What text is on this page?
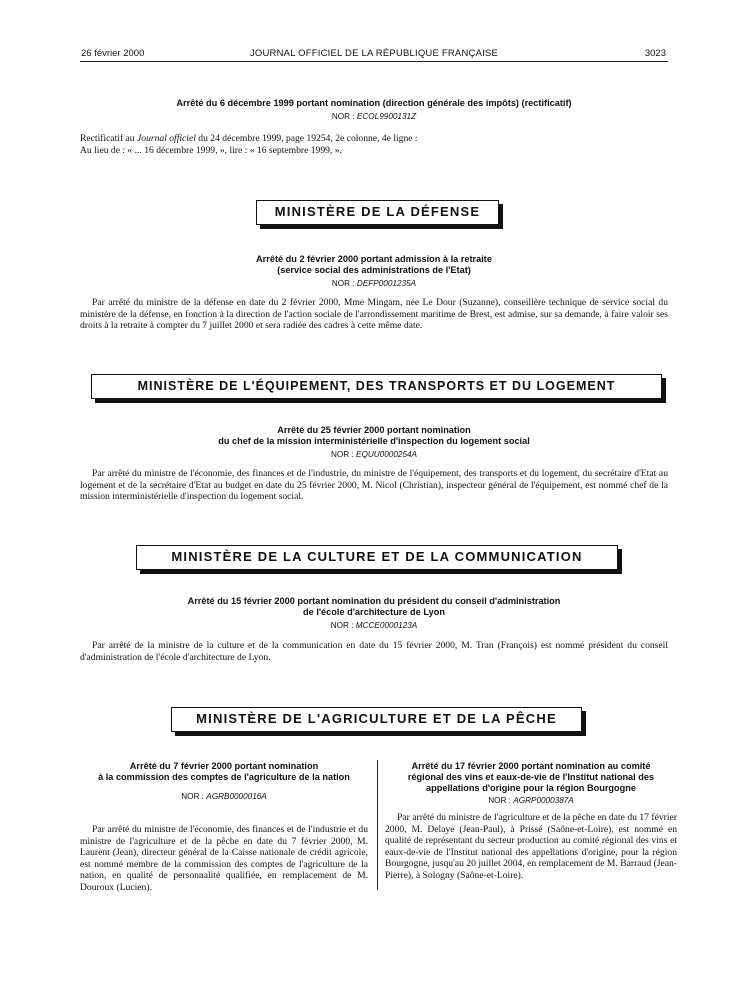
26 février 2000	JOURNAL OFFICIEL DE LA RÉPUBLIQUE FRANÇAISE	3023
Arrêté du 6 décembre 1999 portant nomination (direction générale des impôts) (rectificatif)
NOR : ECOL9900131Z
Rectificatif au Journal officiel du 24 décembre 1999, page 19254, 2e colonne, 4e ligne :
Au lieu de : « ... 16 décembre 1999, », lire : « 16 septembre 1999, ».
MINISTÈRE DE LA DÉFENSE
Arrêté du 2 février 2000 portant admission à la retraite
(service social des administrations de l'Etat)
NOR : DEFP0001235A

Par arrêté du ministre de la défense en date du 2 février 2000, Mme Mingam, née Le Dour (Suzanne), conseillère technique de service social du ministère de la défense, en fonction à la direction de l'action sociale de l'arrondissement maritime de Brest, est admise, sur sa demande, à faire valoir ses droits à la retraite à compter du 7 juillet 2000 et sera radiée des cadres à cette même date.

MINISTÈRE DE L'ÉQUIPEMENT, DES TRANSPORTS ET DU LOGEMENT
Arrêté du 25 février 2000 portant nomination
du chef de la mission interministérielle d'inspection du logement social
NOR : EQUU0000254A

Par arrêté du ministre de l'économie, des finances et de l'industrie, du ministre de l'équipement, des transports et du logement, du secrétaire d'Etat au logement et de la secrétaire d'Etat au budget en date du 25 février 2000, M. Nicol (Christian), inspecteur général de l'équipement, est nommé chef de la mission interministérielle d'inspection du logement social.

MINISTÈRE DE LA CULTURE ET DE LA COMMUNICATION
Arrêté du 15 février 2000 portant nomination du président du conseil d'administration
de l'école d'architecture de Lyon
NOR : MCCE0000123A

Par arrêté de la ministre de la culture et de la communication en date du 15 février 2000, M. Tran (François) est nommé président du conseil d'administration de l'école d'architecture de Lyon.

MINISTÈRE DE L'AGRICULTURE ET DE LA PÊCHE
Arrêté du 7 février 2000 portant nomination
à la commission des comptes de l'agriculture de la nation
NOR : AGRB0000016A

Par arrêté du ministre de l'économie, des finances et de l'industrie et du ministre de l'agriculture et de la pêche en date du 7 février 2000, M. Laurent (Jean), directeur général de la Caisse nationale de crédit agricole, est nommé membre de la commission des comptes de l'agriculture de la nation, en qualité de personnalité qualifiée, en remplacement de M. Douroux (Lucien).

Arrêté du 17 février 2000 portant nomination au comité
régional des vins et eaux-de-vie de l'Institut national des
appellations d'origine pour la région Bourgogne
NOR : AGRP0000387A

Par arrêté du ministre de l'agriculture et de la pêche en date du 17 février 2000, M. Delaye (Jean-Paul), à Prissé (Saône-et-Loire), est nommé en qualité de représentant du secteur production au comité régional des vins et eaux-de-vie de l'Institut national des appellations d'origine, pour la région Bourgogne, jusqu'au 20 juillet 2004, en remplacement de M. Barraud (Jean-Pierre), à Sologny (Saône-et-Loire).
